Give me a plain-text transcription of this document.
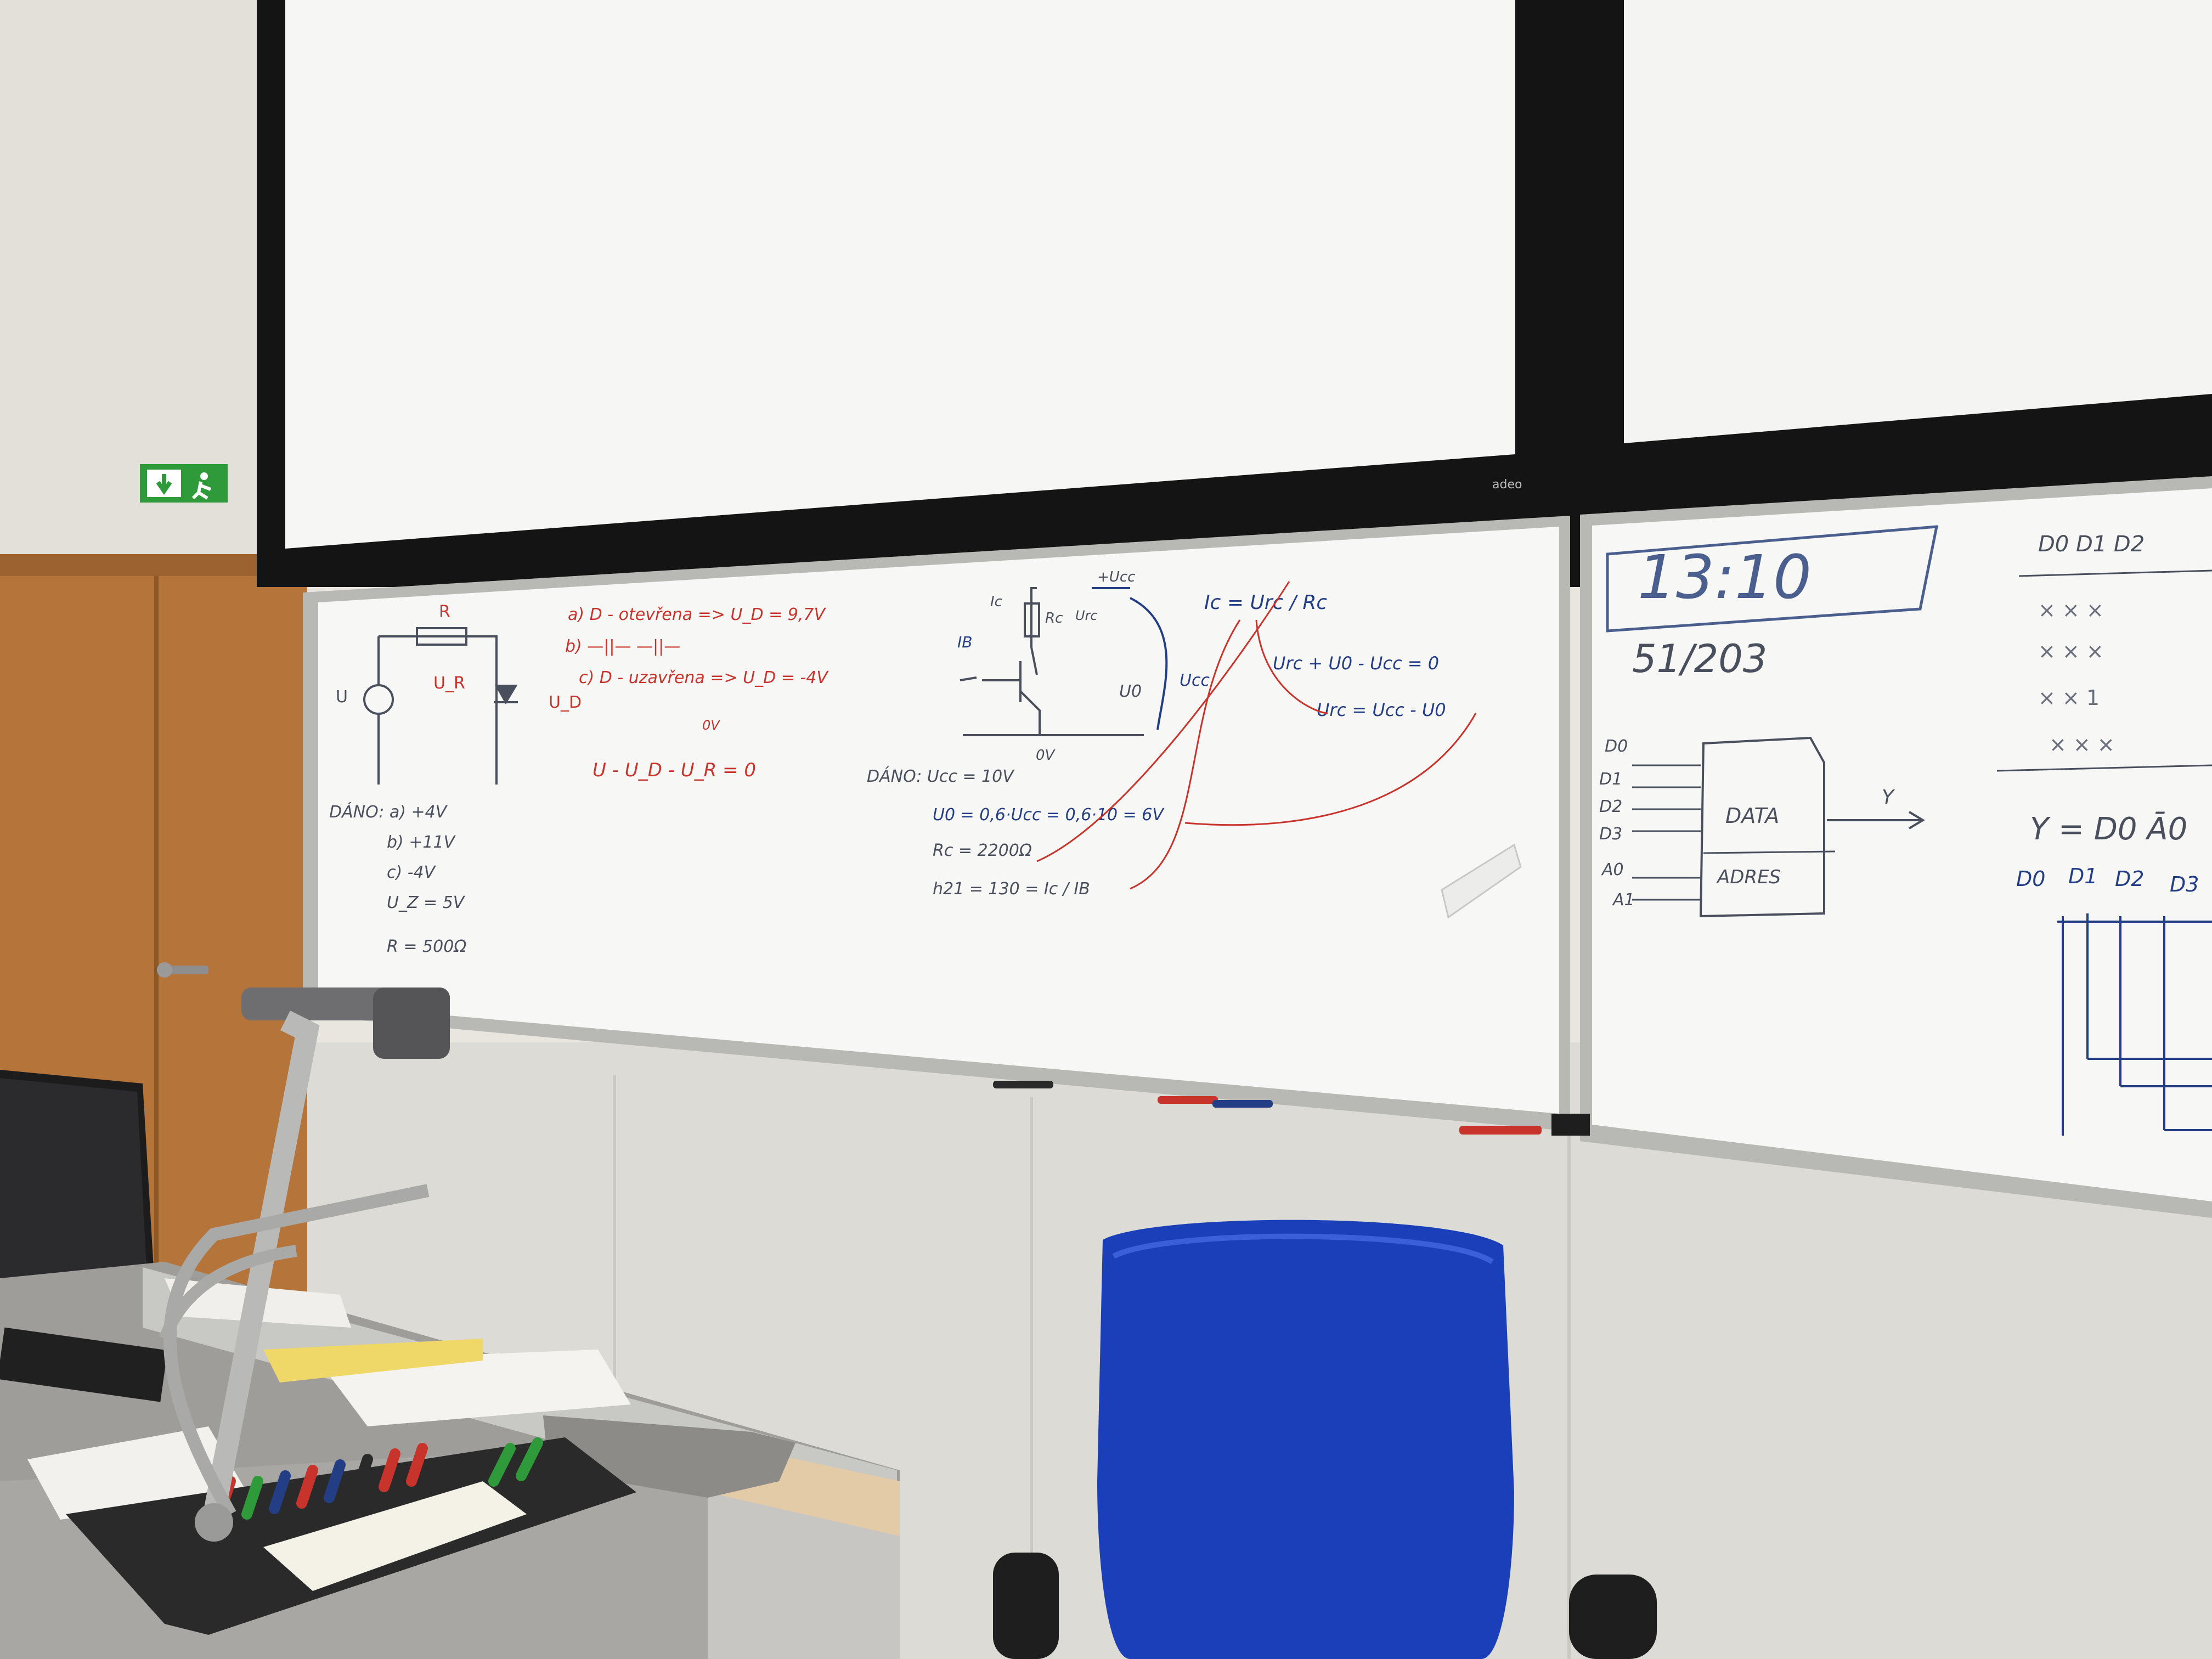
adeo
R
U_R
U	U_D
a) D - otevřena => U_D = 9,7V
b) —||— —||—
c) D - uzavřena => U_D = -4V
0V
U - U_D - U_R = 0
DÁNO: a) +4V
b) +11V
c) -4V
U_Z = 5V
R = 500Ω
+Ucc
Ic
Rc Urc
IB
U0
Ucc
0V
DÁNO: Ucc = 10V
U0 = 0,6·Ucc = 0,6·10 = 6V
Rc = 2200Ω
h21 = 130 = Ic / IB
Ic = Urc / Rc
Urc + U0 - Ucc = 0
Urc = Ucc - U0
13:10
51/203
D0
D1
D2
D3
A0
A1
DATA
ADRES
Y
D0 D1 D2
× × ×
× × ×
× × 1
× × ×
Y = D0 Ā0
D0 D1 D2 D3
